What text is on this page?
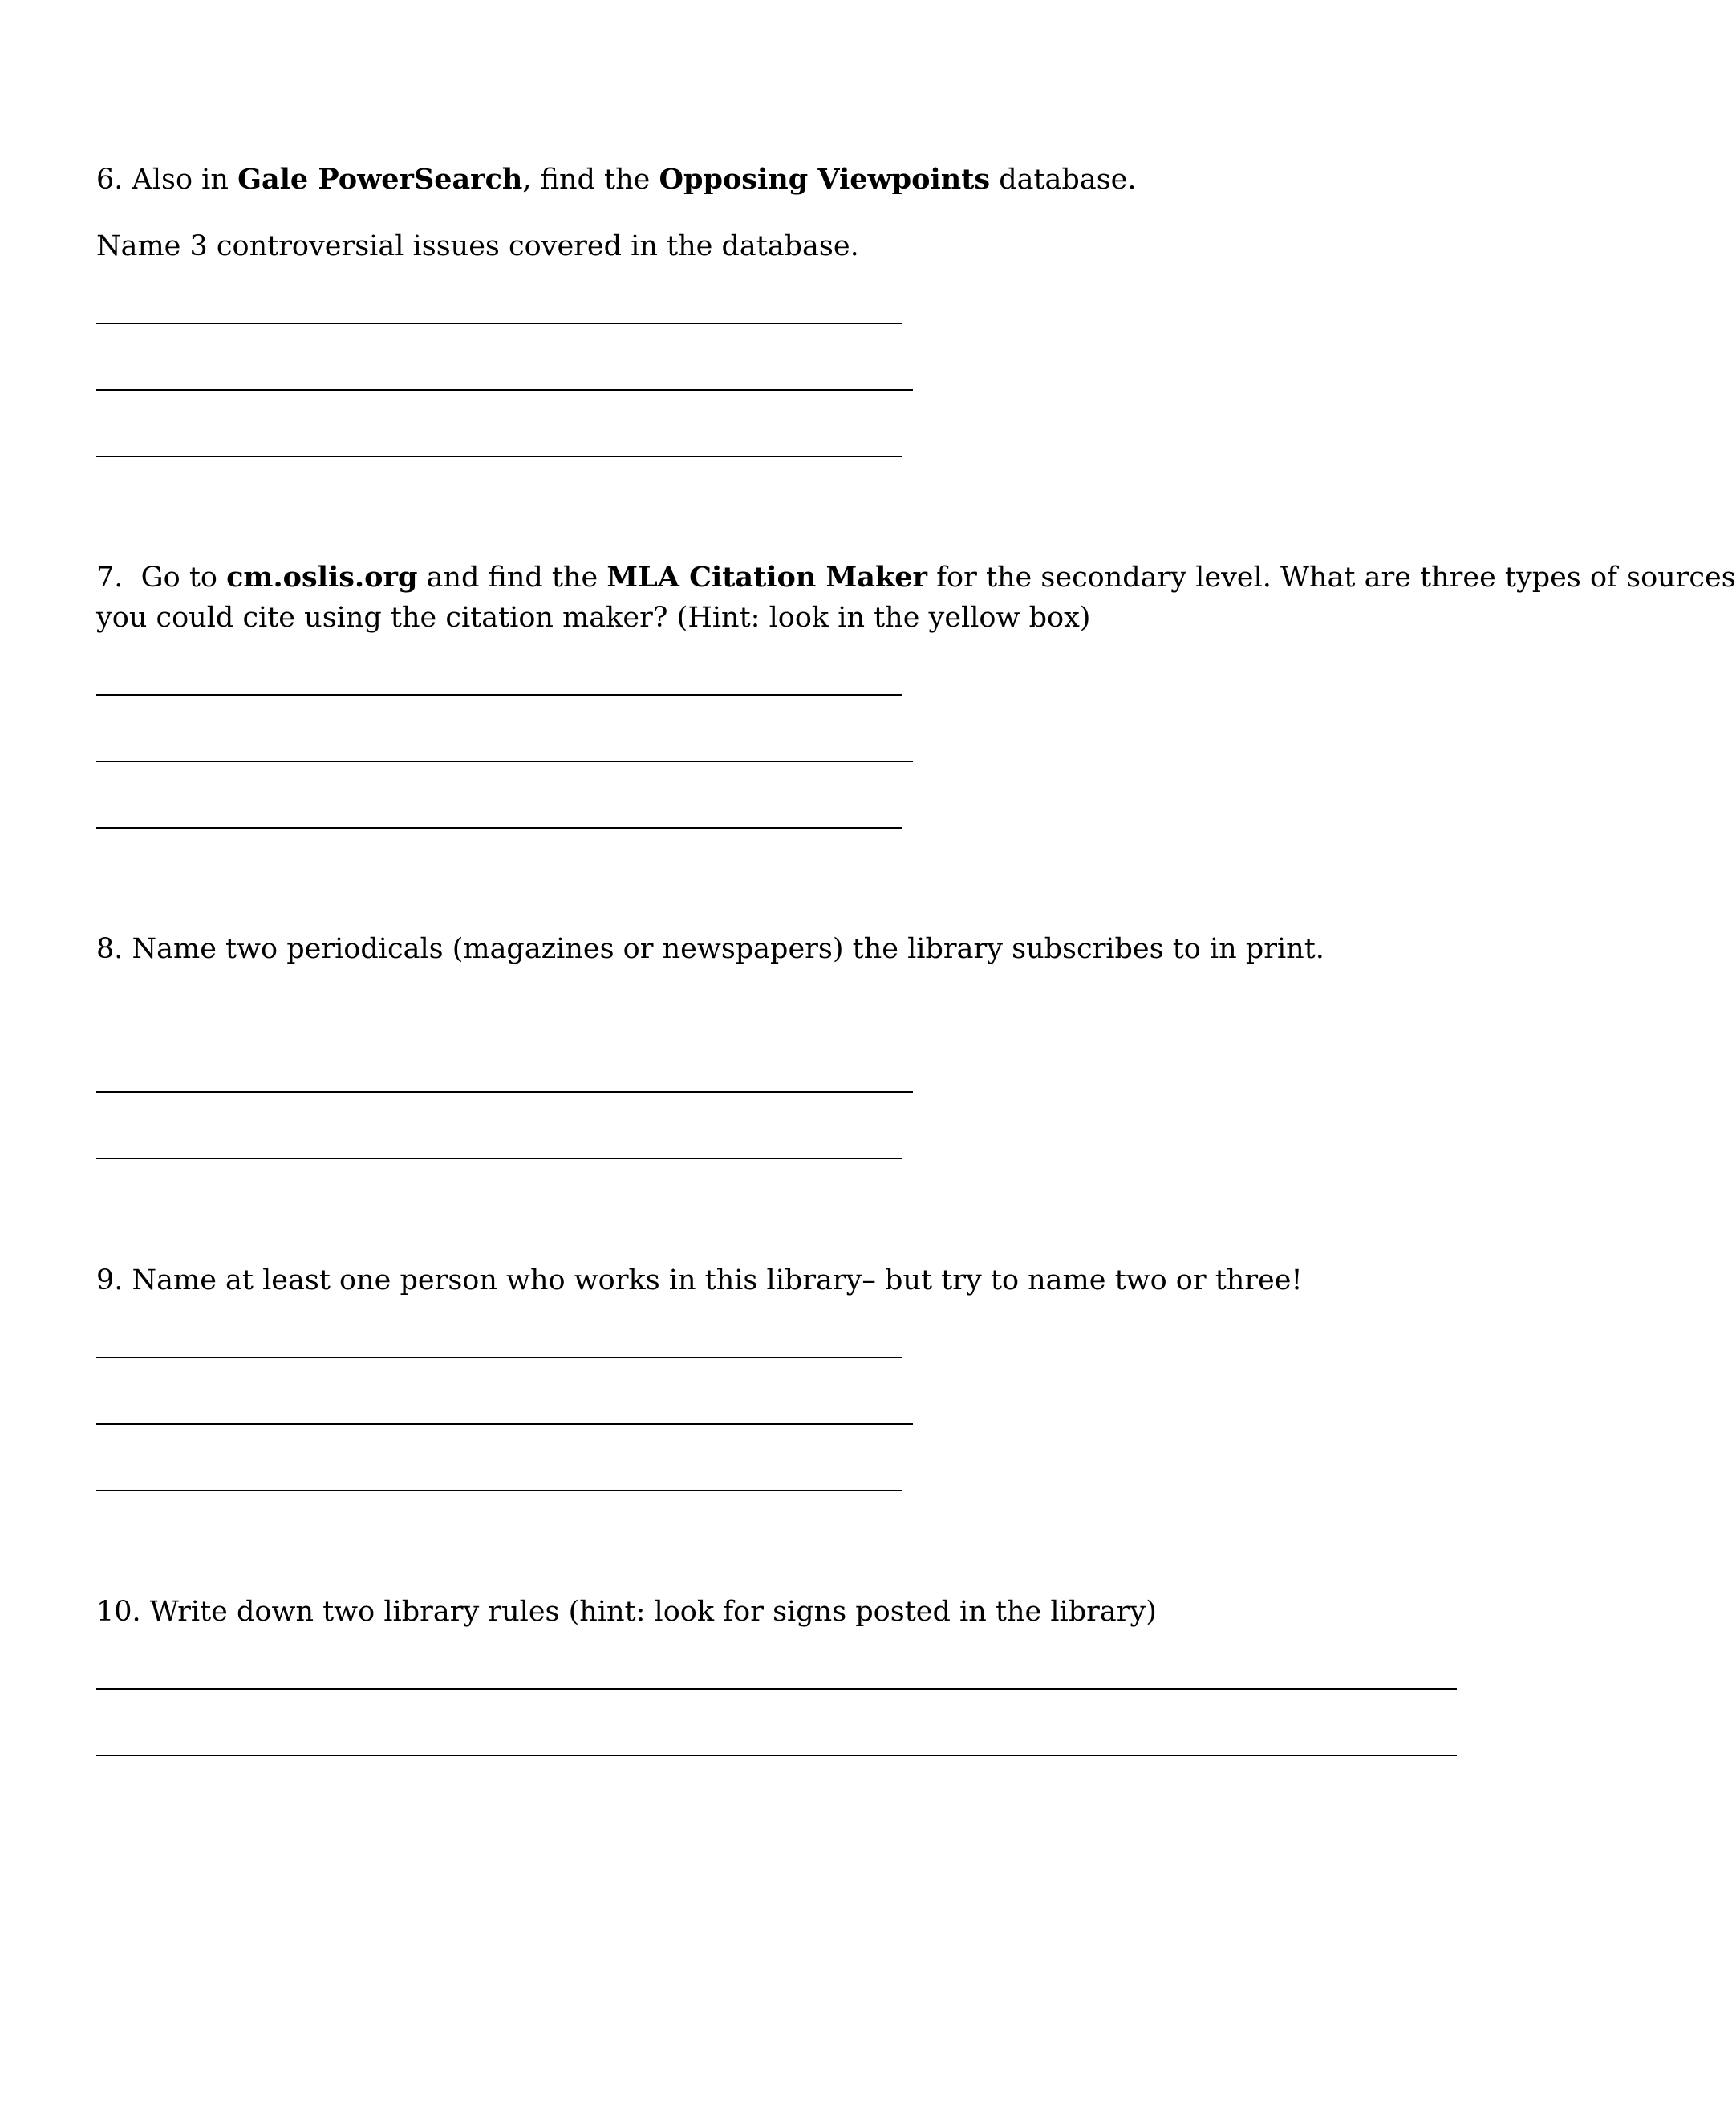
6. Also in Gale PowerSearch, find the Opposing Viewpoints database.

Name 3 controversial issues covered in the database.

7. Go to cm.oslis.org and find the MLA Citation Maker for the secondary level. What are three types of sources

you could cite using the citation maker? (Hint: look in the yellow box)

8. Name two periodicals (magazines or newspapers) the library subscribes to in print.

9. Name at least one person who works in this library– but try to name two or three!

10. Write down two library rules (hint: look for signs posted in the library)
